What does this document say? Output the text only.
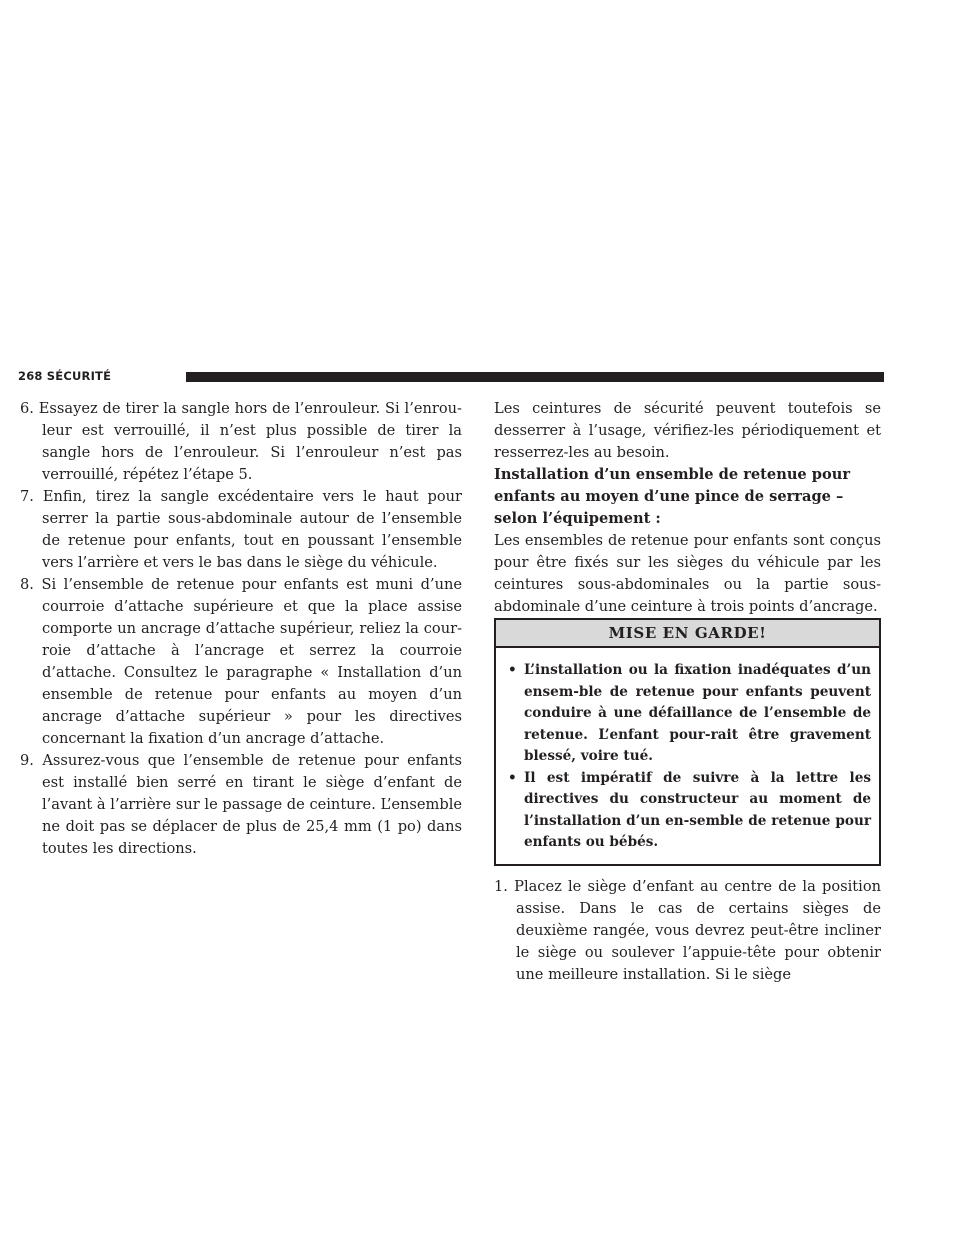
268 SÉCURITÉ

6. Essayez de tirer la sangle hors de l’enrouleur. Si l’enrou-leur est verrouillé, il n’est plus possible de tirer la sangle hors de l’enrouleur. Si l’enrouleur n’est pas verrouillé, répétez l’étape 5.

7. Enfin, tirez la sangle excédentaire vers le haut pour serrer la partie sous-abdominale autour de l’ensemble de retenue pour enfants, tout en poussant l’ensemble vers l’arrière et vers le bas dans le siège du véhicule.

8. Si l’ensemble de retenue pour enfants est muni d’une courroie d’attache supérieure et que la place assise comporte un ancrage d’attache supérieur, reliez la cour-roie d’attache à l’ancrage et serrez la courroie d’attache. Consultez le paragraphe « Installation d’un ensemble de retenue pour enfants au moyen d’un ancrage d’attache supérieur » pour les directives concernant la fixation d’un ancrage d’attache.

9. Assurez-vous que l’ensemble de retenue pour enfants est installé bien serré en tirant le siège d’enfant de l’avant à l’arrière sur le passage de ceinture. L’ensemble ne doit pas se déplacer de plus de 25,4 mm (1 po) dans toutes les directions.

Les ceintures de sécurité peuvent toutefois se desserrer à l’usage, vérifiez-les périodiquement et resserrez-les au besoin.

Installation d’un ensemble de retenue pour enfants au moyen d’une pince de serrage – selon l’équipement :

Les ensembles de retenue pour enfants sont conçus pour être fixés sur les sièges du véhicule par les ceintures sous-abdominales ou la partie sous-abdominale d’une ceinture à trois points d’ancrage.

MISE EN GARDE!
• L’installation ou la fixation inadéquates d’un ensem-ble de retenue pour enfants peuvent conduire à une défaillance de l’ensemble de retenue. L’enfant pour-rait être gravement blessé, voire tué.
• Il est impératif de suivre à la lettre les directives du constructeur au moment de l’installation d’un en-semble de retenue pour enfants ou bébés.

1. Placez le siège d’enfant au centre de la position assise. Dans le cas de certains sièges de deuxième rangée, vous devrez peut-être incliner le siège ou soulever l’appuie-tête pour obtenir une meilleure installation. Si le siège
